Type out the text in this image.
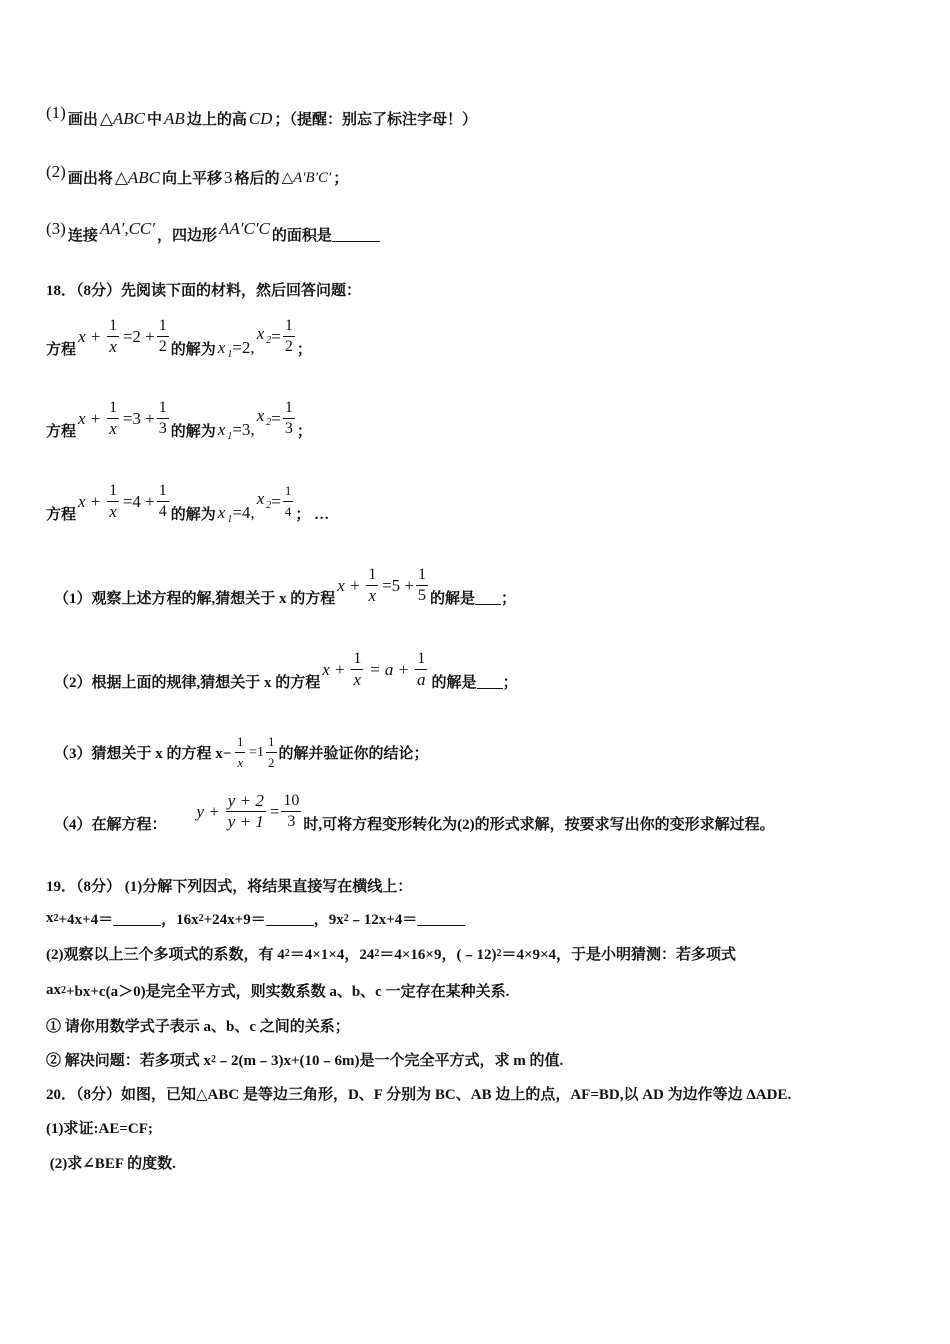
(1) 画出 △ABC 中 AB 边上的高 CD ；（提醒：别忘了标注字母！）
(2) 画出将 △ABC 向上平移 3 格后的 △A′B′C′ ；
(3) 连接 AA′,CC′ ，四边形 AA′C′C 的面积是
18．（8分）先阅读下面的材料，然后回答问题：
方程
$x + \frac{1}{x} =2 + \frac{1}{2}$ 的解为 x $_1$=2,
x $_2 = \frac{1}{2}$ ；
方程
$x + \frac{1}{x} =3 + \frac{1}{3}$ 的解为 x $_1$=3,
x $_2 = \frac{1}{3}$ ；
方程
$x + \frac{1}{x} =4 + \frac{1}{4}$ 的解为 x $_1$=4,
x $_2 = \frac{1}{4}$ ； …
（1）观察上述方程的解,猜想关于 x 的方程
$x + \frac{1}{x} =5 + \frac{1}{5}$ 的解是 ；
（2）根据上面的规律,猜想关于 x 的方程
$x + \frac{1}{x} = a + \frac{1}{a}$ 的解是 ；
（3）猜想关于 x 的方程 $x- \frac{1}{x} =1 \frac{1}{2}$ 的解并验证你的结论；
（4）在解方程：
$y + \frac{y + 2}{y + 1} = \frac{10}{3}$ 时,可将方程变形转化为(2)的形式求解，按要求写出你的变形求解过程。
19．（8分） (1)分解下列因式，将结果直接写在横线上：
x 2 +4x+4＝	，16x 2 +24x+9＝	，9x 2 ﹣12x+4＝
(2)观察以上三个多项式的系数，有 4 2 ＝4×1×4，24 2 ＝4×16×9，(﹣12) 2 ＝4×9×4，于是小明猜测：若多项式
ax 2 +bx+c(a＞0)是完全平方式，则实数系数 a、b、c 一定存在某种关系.
① 请你用数学式子表示 a、b、c 之间的关系；
② 解决问题：若多项式 x 2 ﹣2(m﹣3)x+(10﹣6m)是一个完全平方式，求 m 的值.
20．（8分）如图，已知△ABC 是等边三角形，D、F 分别为 BC、AB 边上的点，AF=BD,以 AD 为边作等边 ΔADE.
(1)求证:AE=CF;
(2)求∠BEF 的度数.
